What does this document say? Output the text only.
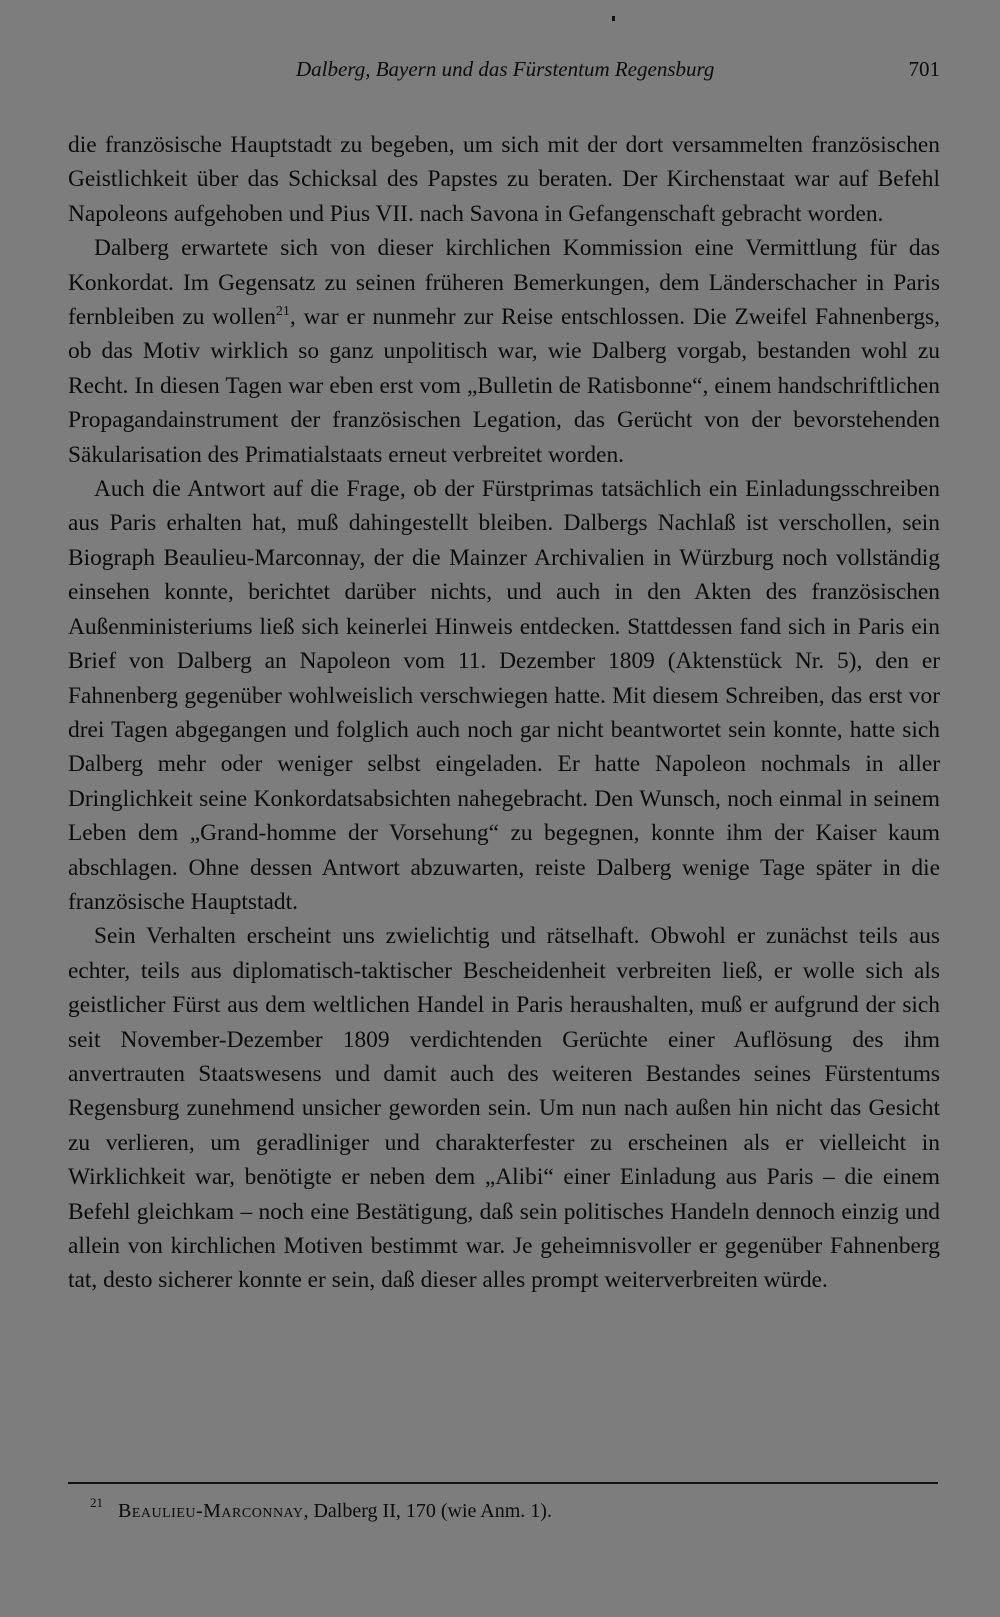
Dalberg, Bayern und das Fürstentum Regensburg	701

die französische Hauptstadt zu begeben, um sich mit der dort versammelten französischen Geistlichkeit über das Schicksal des Papstes zu beraten. Der Kirchenstaat war auf Befehl Napoleons aufgehoben und Pius VII. nach Savona in Gefangenschaft gebracht worden.

Dalberg erwartete sich von dieser kirchlichen Kommission eine Vermittlung für das Konkordat. Im Gegensatz zu seinen früheren Bemerkungen, dem Länderschacher in Paris fernbleiben zu wollen$^{21}$, war er nunmehr zur Reise entschlossen. Die Zweifel Fahnenbergs, ob das Motiv wirklich so ganz unpolitisch war, wie Dalberg vorgab, bestanden wohl zu Recht. In diesen Tagen war eben erst vom „Bulletin de Ratisbonne“, einem handschriftlichen Propagandainstrument der französischen Legation, das Gerücht von der bevorstehenden Säkularisation des Primatialstaats erneut verbreitet worden.

Auch die Antwort auf die Frage, ob der Fürstprimas tatsächlich ein Einladungsschreiben aus Paris erhalten hat, muß dahingestellt bleiben. Dalbergs Nachlaß ist verschollen, sein Biograph Beaulieu-Marconnay, der die Mainzer Archivalien in Würzburg noch vollständig einsehen konnte, berichtet darüber nichts, und auch in den Akten des französischen Außenministeriums ließ sich keinerlei Hinweis entdecken. Stattdessen fand sich in Paris ein Brief von Dalberg an Napoleon vom 11. Dezember 1809 (Aktenstück Nr. 5), den er Fahnenberg gegenüber wohlweislich verschwiegen hatte. Mit diesem Schreiben, das erst vor drei Tagen abgegangen und folglich auch noch gar nicht beantwortet sein konnte, hatte sich Dalberg mehr oder weniger selbst eingeladen. Er hatte Napoleon nochmals in aller Dringlichkeit seine Konkordatsabsichten nahegebracht. Den Wunsch, noch einmal in seinem Leben dem „Grand-homme der Vorsehung“ zu begegnen, konnte ihm der Kaiser kaum abschlagen. Ohne dessen Antwort abzuwarten, reiste Dalberg wenige Tage später in die französische Hauptstadt.

Sein Verhalten erscheint uns zwielichtig und rätselhaft. Obwohl er zunächst teils aus echter, teils aus diplomatisch-taktischer Bescheidenheit verbreiten ließ, er wolle sich als geistlicher Fürst aus dem weltlichen Handel in Paris heraushalten, muß er aufgrund der sich seit November-Dezember 1809 verdichtenden Gerüchte einer Auflösung des ihm anvertrauten Staatswesens und damit auch des weiteren Bestandes seines Fürstentums Regensburg zunehmend unsicher geworden sein. Um nun nach außen hin nicht das Gesicht zu verlieren, um geradliniger und charakterfester zu erscheinen als er vielleicht in Wirklichkeit war, benötigte er neben dem „Alibi“ einer Einladung aus Paris – die einem Befehl gleichkam – noch eine Bestätigung, daß sein politisches Handeln dennoch einzig und allein von kirchlichen Motiven bestimmt war. Je geheimnisvoller er gegenüber Fahnenberg tat, desto sicherer konnte er sein, daß dieser alles prompt weiterverbreiten würde.

21 Beaulieu-Marconnay, Dalberg II, 170 (wie Anm. 1).
